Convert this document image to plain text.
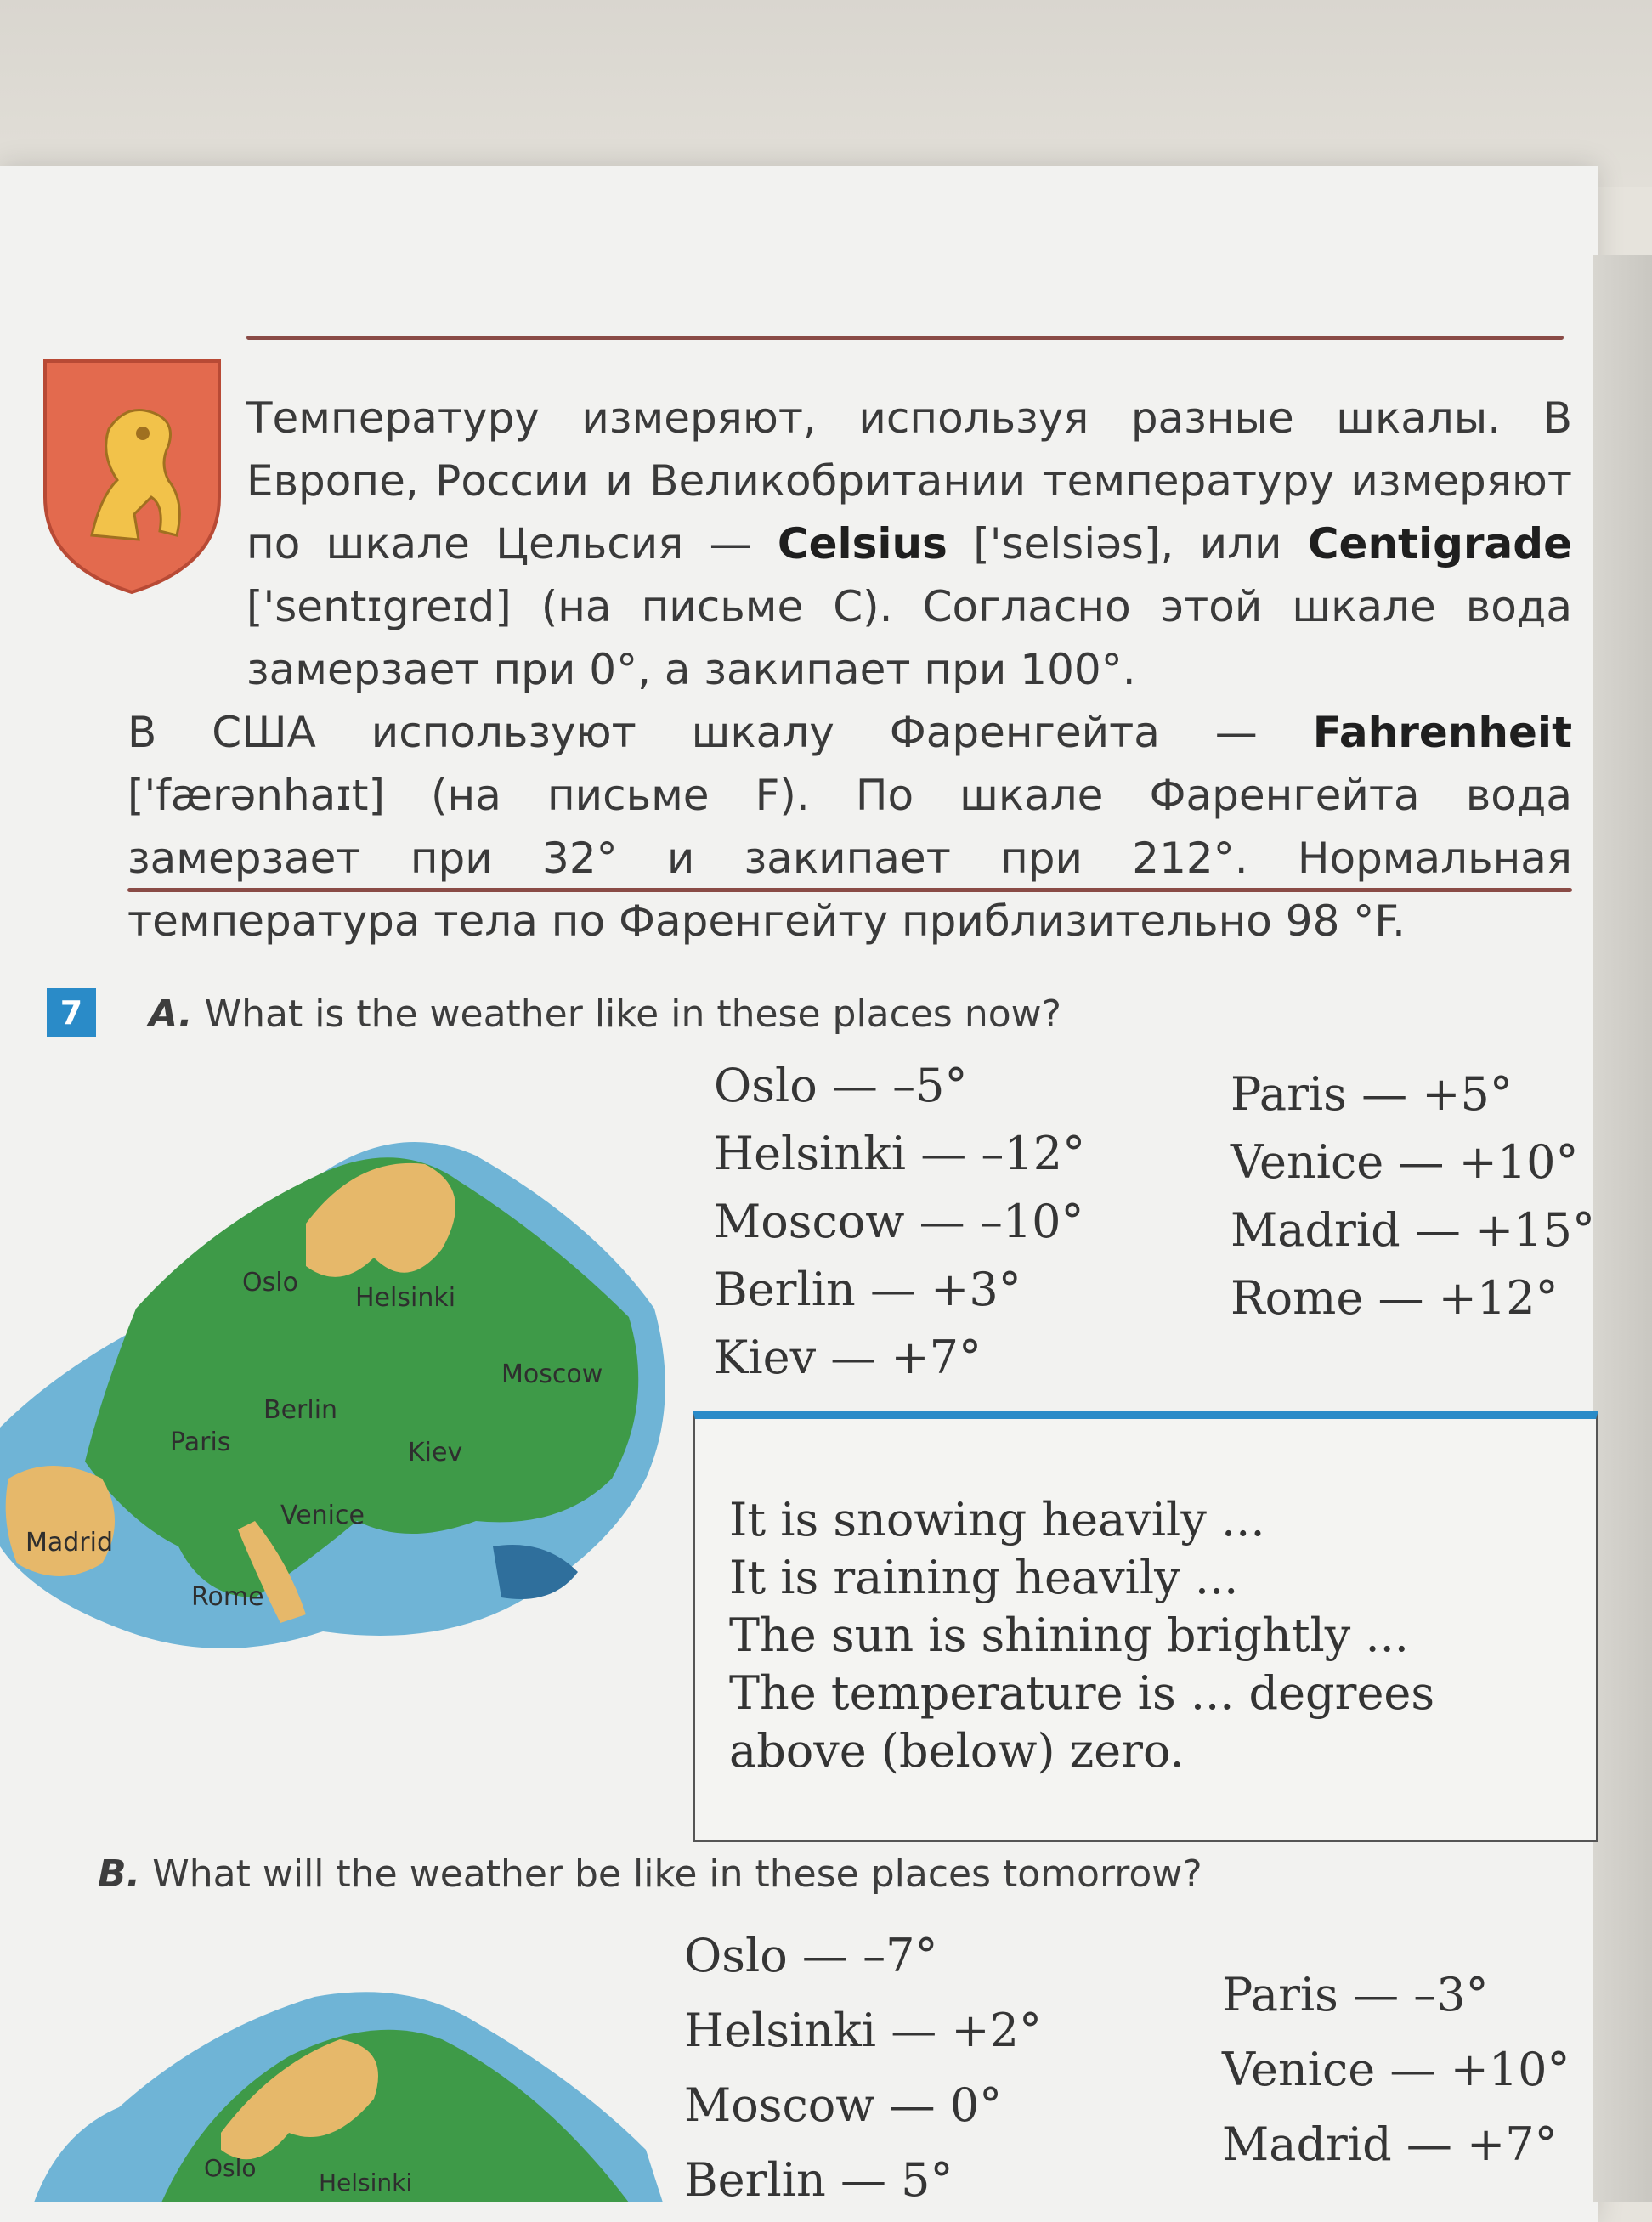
Температуру измеряют, используя разные шкалы. В Европе, России и Великобритании температуру измеряют по шкале Цельсия — Celsius ['selsiəs], или Centigrade ['sentɪgreɪd] (на письме С). Согласно этой шкале вода замерзает при 0°, а закипает при 100°.

В США используют шкалу Фаренгейта — Fahrenheit ['færənhaɪt] (на письме F). По шкале Фаренгейта вода замерзает при 32° и закипает при 212°. Нормальная температура тела по Фаренгейту приблизительно 98 °F.

7	A. What is the weather like in these places now?
Oslo
Helsinki
Moscow
Berlin
Paris	Kiev
Venice
Madrid
Rome
Oslo — –5°
Helsinki — –12°
Moscow — –10°
Berlin — +3°
Kiev — +7°
Paris — +5°
Venice — +10°
Madrid — +15°
Rome — +12°
It is snowing heavily ...
It is raining heavily ...
The sun is shining brightly ...
The temperature is ... degrees
above (below) zero.
B. What will the weather be like in these places tomorrow?
Oslo
Helsinki
Oslo — –7°
Helsinki — +2°
Moscow — 0°
Berlin — 5°
Paris — –3°
Venice — +10°
Madrid — +7°
